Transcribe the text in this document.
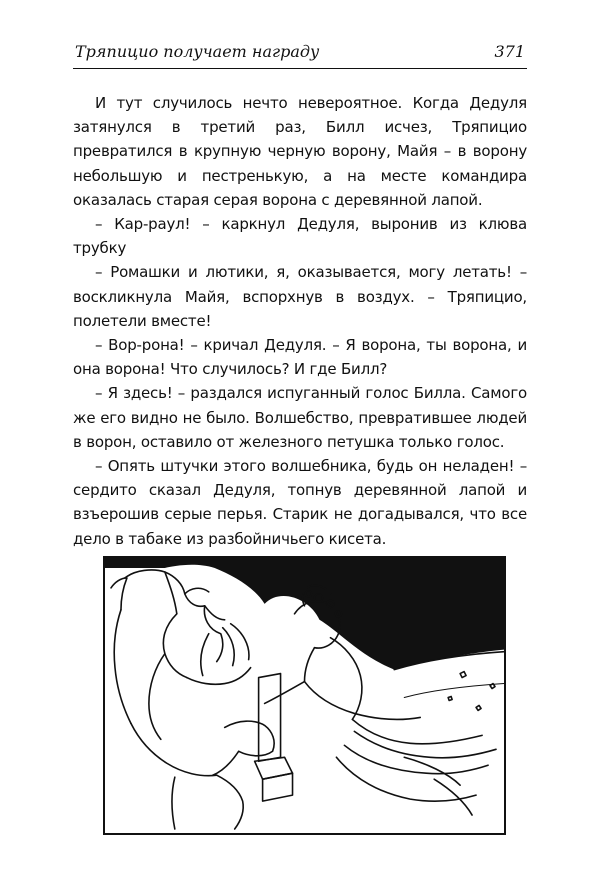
Тряпицио получает награду	371

И тут случилось нечто невероятное. Когда Дедуля затянулся в третий раз, Билл исчез, Тряпицио превратился в крупную черную ворону, Майя – в ворону небольшую и пестренькую, а на месте командира оказалась старая серая ворона с деревянной лапой.

– Кар-раул! – каркнул Дедуля, выронив из клюва трубку

– Ромашки и лютики, я, оказывается, могу летать! – воскликнула Майя, вспорхнув в воздух. – Тряпицио, полетели вместе!

– Вор-рона! – кричал Дедуля. – Я ворона, ты ворона, и она ворона! Что случилось? И где Билл?

– Я здесь! – раздался испуганный голос Билла. Самого же его видно не было. Волшебство, превратившее людей в ворон, оставило от железного петушка только голос.

– Опять штучки этого волшебника, будь он неладен! – сердито сказал Дедуля, топнув деревянной лапой и взъерошив серые перья. Старик не догадывался, что все дело в табаке из разбойничьего кисета.
